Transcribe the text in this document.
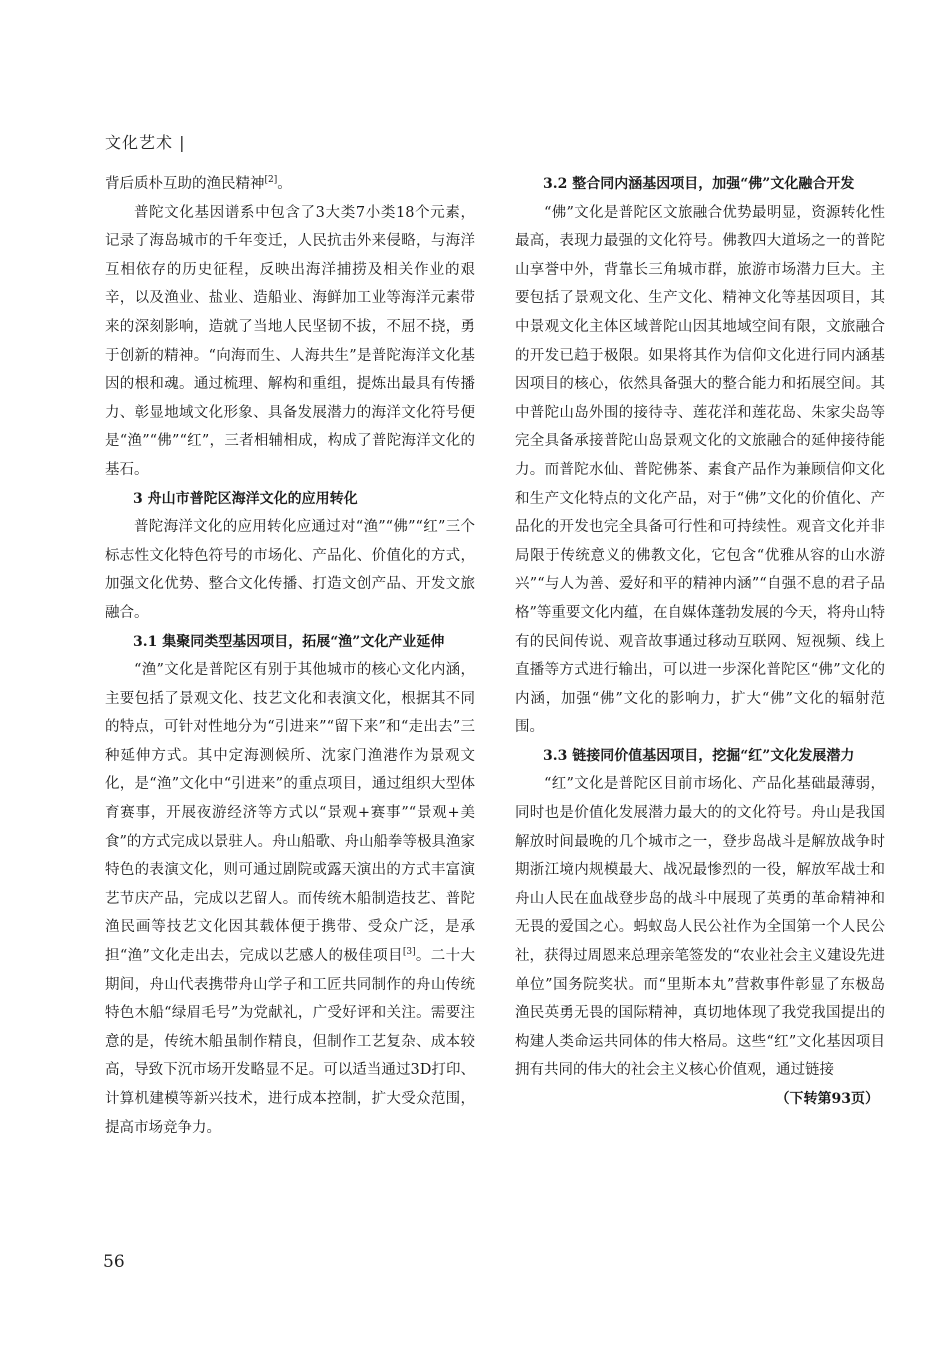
文化艺术 |

背后质朴互助的渔民精神[2]。

普陀文化基因谱系中包含了3大类7小类18个元素，记录了海岛城市的千年变迁，人民抗击外来侵略，与海洋互相依存的历史征程，反映出海洋捕捞及相关作业的艰辛，以及渔业、盐业、造船业、海鲜加工业等海洋元素带来的深刻影响，造就了当地人民坚韧不拔，不屈不挠，勇于创新的精神。“向海而生、人海共生”是普陀海洋文化基因的根和魂。通过梳理、解构和重组，提炼出最具有传播力、彰显地域文化形象、具备发展潜力的海洋文化符号便是“渔”“佛”“红”，三者相辅相成，构成了普陀海洋文化的基石。

3 舟山市普陀区海洋文化的应用转化

普陀海洋文化的应用转化应通过对“渔”“佛”“红”三个标志性文化特色符号的市场化、产品化、价值化的方式，加强文化优势、整合文化传播、打造文创产品、开发文旅融合。

3.1 集聚同类型基因项目，拓展“渔”文化产业延伸

“渔”文化是普陀区有别于其他城市的核心文化内涵，主要包括了景观文化、技艺文化和表演文化，根据其不同的特点，可针对性地分为“引进来”“留下来”和“走出去”三种延伸方式。其中定海测候所、沈家门渔港作为景观文化，是“渔”文化中“引进来”的重点项目，通过组织大型体育赛事，开展夜游经济等方式以“景观+赛事”“景观+美食”的方式完成以景驻人。舟山船歌、舟山船拳等极具渔家特色的表演文化，则可通过剧院或露天演出的方式丰富演艺节庆产品，完成以艺留人。而传统木船制造技艺、普陀渔民画等技艺文化因其载体便于携带、受众广泛，是承担“渔”文化走出去，完成以艺感人的极佳项目[3]。二十大期间，舟山代表携带舟山学子和工匠共同制作的舟山传统特色木船“绿眉毛号”为党献礼，广受好评和关注。需要注意的是，传统木船虽制作精良，但制作工艺复杂、成本较高，导致下沉市场开发略显不足。可以适当通过3D打印、计算机建模等新兴技术，进行成本控制，扩大受众范围，提高市场竞争力。

3.2 整合同内涵基因项目，加强“佛”文化融合开发

“佛”文化是普陀区文旅融合优势最明显，资源转化性最高，表现力最强的文化符号。佛教四大道场之一的普陀山享誉中外，背靠长三角城市群，旅游市场潜力巨大。主要包括了景观文化、生产文化、精神文化等基因项目，其中景观文化主体区域普陀山因其地域空间有限，文旅融合的开发已趋于极限。如果将其作为信仰文化进行同内涵基因项目的核心，依然具备强大的整合能力和拓展空间。其中普陀山岛外围的接待寺、莲花洋和莲花岛、朱家尖岛等完全具备承接普陀山岛景观文化的文旅融合的延伸接待能力。而普陀水仙、普陀佛茶、素食产品作为兼顾信仰文化和生产文化特点的文化产品，对于“佛”文化的价值化、产品化的开发也完全具备可行性和可持续性。观音文化并非局限于传统意义的佛教文化，它包含“优雅从容的山水游兴”“与人为善、爱好和平的精神内涵”“自强不息的君子品格”等重要文化内蕴，在自媒体蓬勃发展的今天，将舟山特有的民间传说、观音故事通过移动互联网、短视频、线上直播等方式进行输出，可以进一步深化普陀区“佛”文化的内涵，加强“佛”文化的影响力，扩大“佛”文化的辐射范围。

3.3 链接同价值基因项目，挖掘“红”文化发展潜力

“红”文化是普陀区目前市场化、产品化基础最薄弱，同时也是价值化发展潜力最大的的文化符号。舟山是我国解放时间最晚的几个城市之一，登步岛战斗是解放战争时期浙江境内规模最大、战况最惨烈的一役，解放军战士和舟山人民在血战登步岛的战斗中展现了英勇的革命精神和无畏的爱国之心。蚂蚁岛人民公社作为全国第一个人民公社，获得过周恩来总理亲笔签发的“农业社会主义建设先进单位”国务院奖状。而“里斯本丸”营救事件彰显了东极岛渔民英勇无畏的国际精神，真切地体现了我党我国提出的构建人类命运共同体的伟大格局。这些“红”文化基因项目拥有共同的伟大的社会主义核心价值观，通过链接

（下转第93页）
56
